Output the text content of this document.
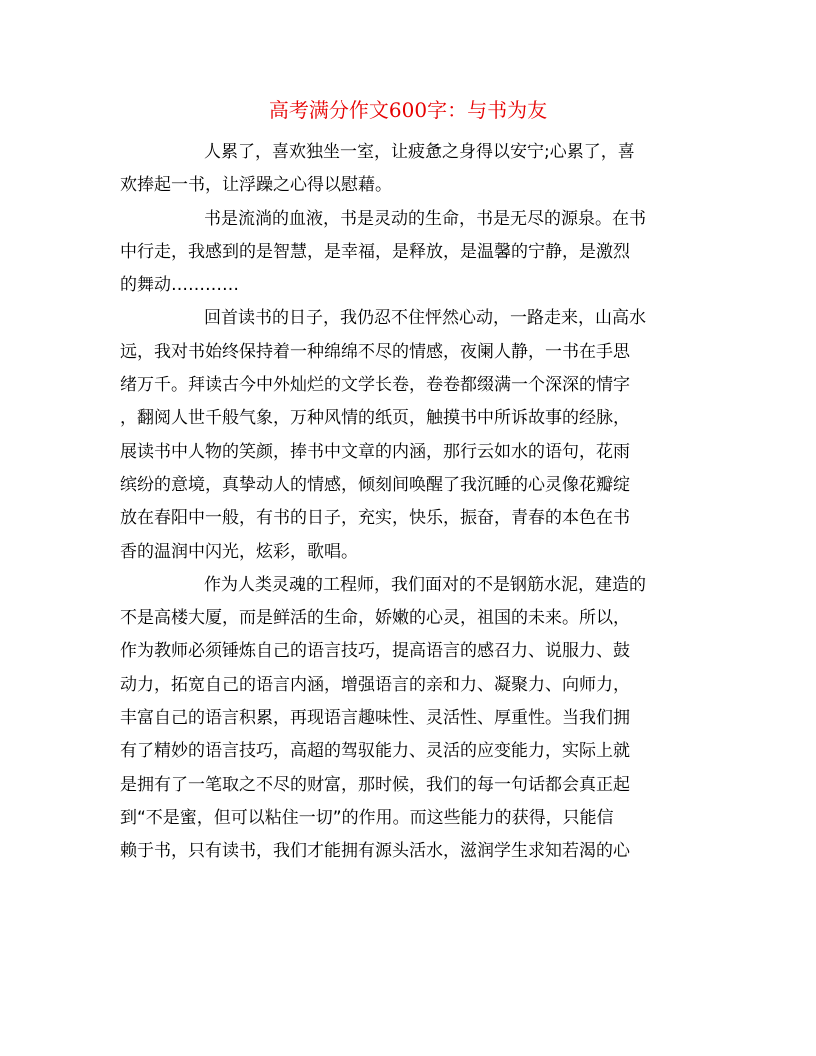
高考满分作文600字：与书为友
人累了，喜欢独坐一室，让疲惫之身得以安宁;心累了，喜
欢捧起一书，让浮躁之心得以慰藉。
书是流淌的血液，书是灵动的生命，书是无尽的源泉。在书
中行走，我感到的是智慧，是幸福，是释放，是温馨的宁静，是激烈
的舞动…………
回首读书的日子，我仍忍不住怦然心动，一路走来，山高水
远，我对书始终保持着一种绵绵不尽的情感，夜阑人静，一书在手思
绪万千。拜读古今中外灿烂的文学长卷，卷卷都缀满一个深深的情字
，翻阅人世千般气象，万种风情的纸页，触摸书中所诉故事的经脉，
展读书中人物的笑颜，捧书中文章的内涵，那行云如水的语句，花雨
缤纷的意境，真挚动人的情感，倾刻间唤醒了我沉睡的心灵像花瓣绽
放在春阳中一般，有书的日子，充实，快乐，振奋，青春的本色在书
香的温润中闪光，炫彩，歌唱。
作为人类灵魂的工程师，我们面对的不是钢筋水泥，建造的
不是高楼大厦，而是鲜活的生命，娇嫩的心灵，祖国的未来。所以，
作为教师必须锤炼自己的语言技巧，提高语言的感召力、说服力、鼓
动力，拓宽自己的语言内涵，增强语言的亲和力、凝聚力、向师力，
丰富自己的语言积累，再现语言趣味性、灵活性、厚重性。当我们拥
有了精妙的语言技巧，高超的驾驭能力、灵活的应变能力，实际上就
是拥有了一笔取之不尽的财富，那时候，我们的每一句话都会真正起
到“不是蜜，但可以粘住一切”的作用。而这些能力的获得，只能信
赖于书，只有读书，我们才能拥有源头活水，滋润学生求知若渴的心
